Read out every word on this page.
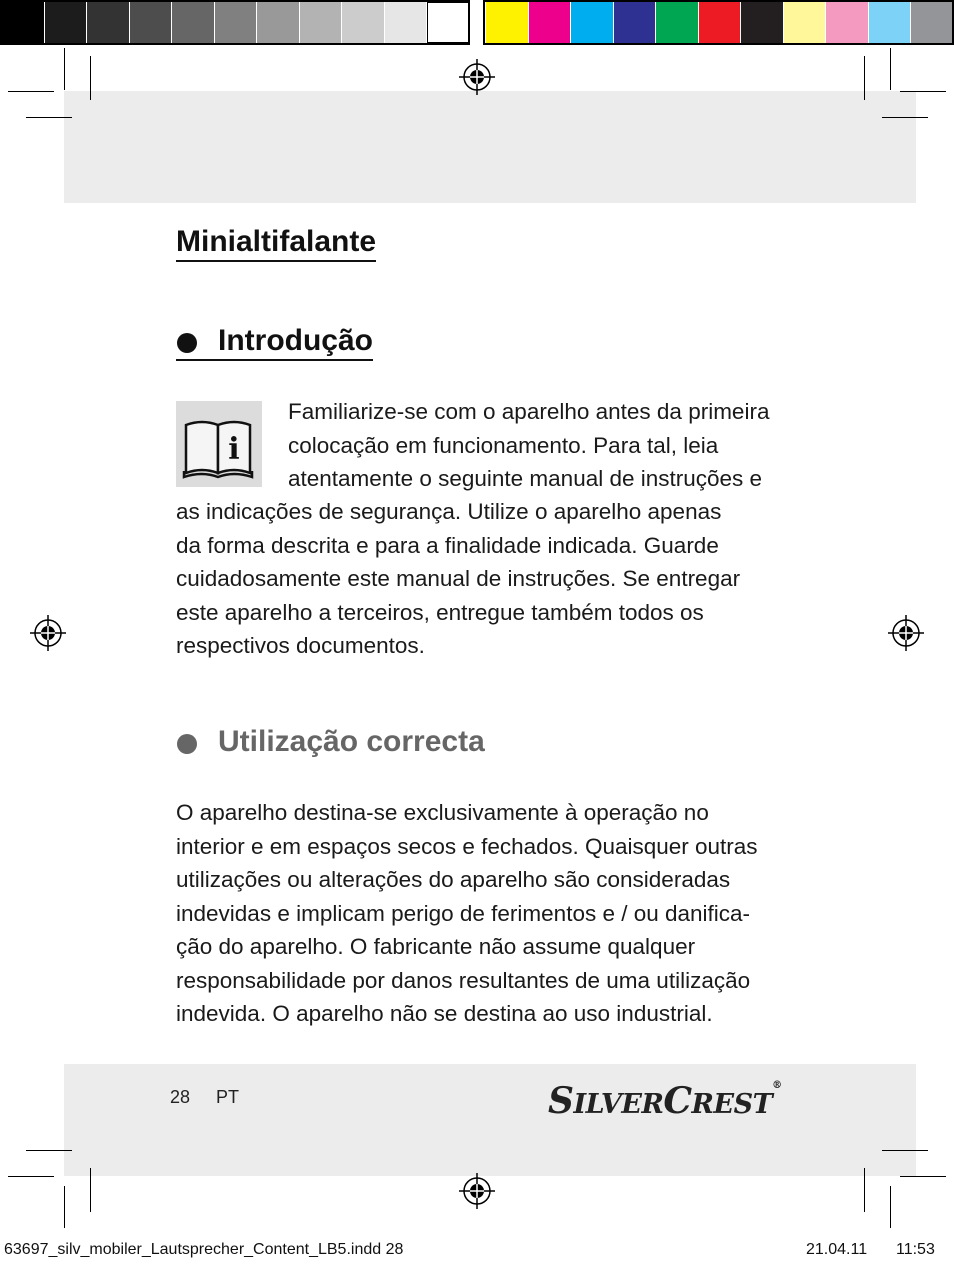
Minialtifalante
Introdução
i

Familiarize-se com o aparelho antes da primeira
colocação em funcionamento. Para tal, leia
atentamente o seguinte manual de instruções e

as indicações de segurança. Utilize o aparelho apenas
da forma descrita e para a finalidade indicada. Guarde
cuidadosamente este manual de instruções. Se entregar
este aparelho a terceiros, entregue também todos os
respectivos documentos.

Utilização correcta

O aparelho destina-se exclusivamente à operação no
interior e em espaços secos e fechados. Quaisquer outras
utilizações ou alterações do aparelho são consideradas
indevidas e implicam perigo de ferimentos e / ou danifica-
ção do aparelho. O fabricante não assume qualquer
responsabilidade por danos resultantes de uma utilização
indevida. O aparelho não se destina ao uso industrial.

28 PT	SILVERCREST®
63697_silv_mobiler_Lautsprecher_Content_LB5.indd 28	21.04.11 11:53
